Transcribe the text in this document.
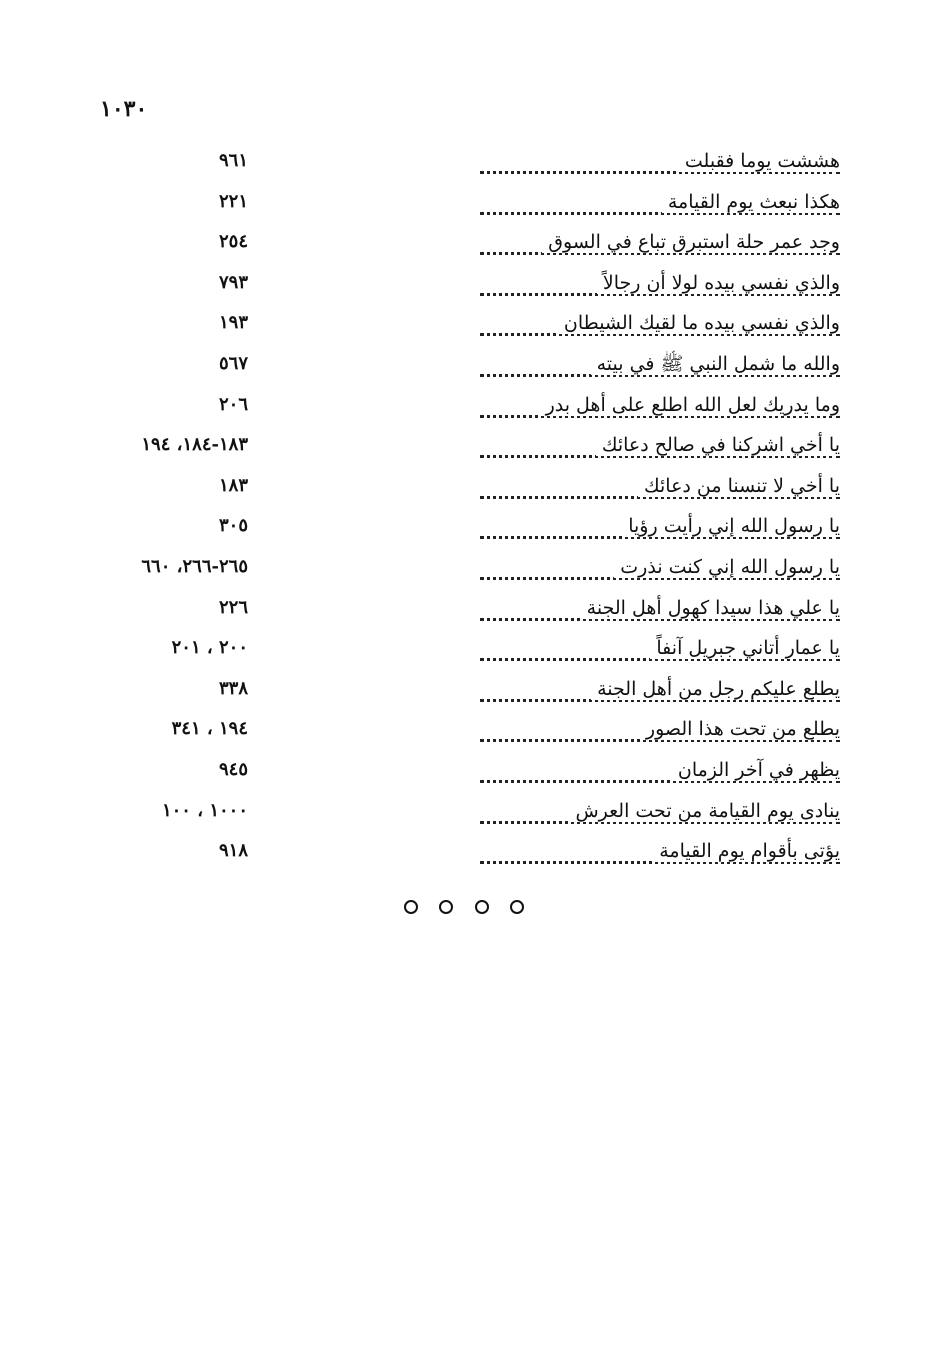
١٠٣٠
هششت يوما فقبلت
٩٦١
هكذا نبعث يوم القيامة
٢٢١
وجد عمر حلة استبرق تباع في السوق
٢٥٤
والذي نفسي بيده لولا أن رجالاً
٧٩٣
والذي نفسي بيده ما لقيك الشيطان
١٩٣
والله ما شمل النبي ﷺ في بيته
٥٦٧
وما يدريك لعل الله اطلع على أهل بدر
٢٠٦
يا أخي اشركنا في صالح دعائك
١٨٣-١٨٤، ١٩٤
يا أخي لا تنسنا من دعائك
١٨٣
يا رسول الله إني رأيت رؤيا
٣٠٥
يا رسول الله إني كنت نذرت
٢٦٥-٢٦٦، ٦٦٠
يا علي هذا سيدا كهول أهل الجنة
٢٢٦
يا عمار أتاني جبريل آنفاً
٢٠٠ ، ٢٠١
يطلع عليكم رجل من أهل الجنة
٣٣٨
يطلع من تحت هذا الصور
١٩٤ ، ٣٤١
يظهر في آخر الزمان
٩٤٥
ينادى يوم القيامة من تحت العرش
١٠٠٠ ، ١٠٠
يؤتى بأقوام يوم القيامة
٩١٨
